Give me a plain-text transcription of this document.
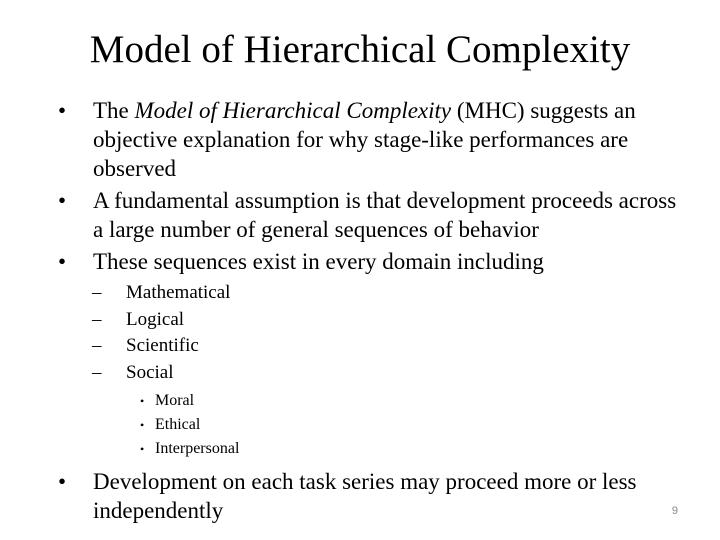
Model of Hierarchical Complexity
•	The Model of Hierarchical Complexity (MHC) suggests an objective explanation for why stage-like performances are observed
•	A fundamental assumption is that development proceeds across a large number of general sequences of behavior
•	These sequences exist in every domain including
– Mathematical
– Logical
– Scientific
– Social
• Moral
• Ethical
• Interpersonal
•	Development on each task series may proceed more or less independently	9
